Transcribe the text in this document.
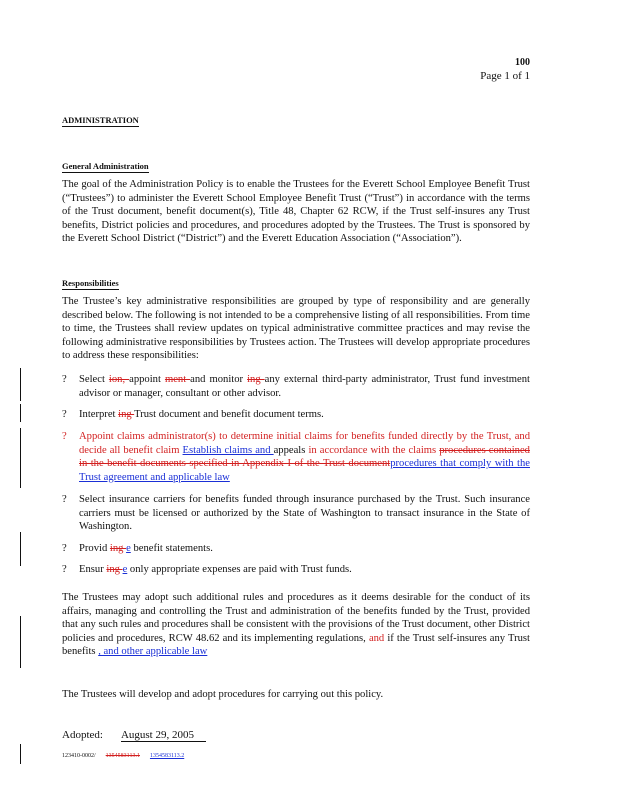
100
Page 1 of 1
ADMINISTRATION
General Administration
The goal of the Administration Policy is to enable the Trustees for the Everett School Employee Benefit Trust (“Trustees”) to administer the Everett School Employee Benefit Trust (“Trust”) in accordance with the terms of the Trust document, benefit document(s), Title 48, Chapter 62 RCW, if the Trust self-insures any Trust benefits, District policies and procedures, and procedures adopted by the Trustees. The Trust is sponsored by the Everett School District (“District”) and the Everett Education Association (“Association”).
Responsibilities
The Trustee’s key administrative responsibilities are grouped by type of responsibility and are generally described below. The following is not intended to be a comprehensive listing of all responsibilities. From time to time, the Trustees shall review updates on typical administrative committee practices and may revise the following administrative responsibilities by Trustees action. The Trustees will develop appropriate procedures to address these responsibilities:
?	Select ion, appoint ment and monitor ing any external third-party administrator, Trust fund investment advisor or manager, consultant or other advisor.
?	Interpret ing Trust document and benefit document terms.
?	Appoint claims administrator(s) to determine initial claims for benefits funded directly by the Trust, and decide all benefit claim Establish claims and appeals in accordance with the claims procedures contained in the benefit documents specified in Appendix I of the Trust documentprocedures that comply with the Trust agreement and applicable law
?	Select insurance carriers for benefits funded through insurance purchased by the Trust. Such insurance carriers must be licensed or authorized by the State of Washington to transact insurance in the State of Washington.
?	Provid ing e benefit statements.
?	Ensur ing e only appropriate expenses are paid with Trust funds.
The Trustees may adopt such additional rules and procedures as it deems desirable for the conduct of its affairs, managing and controlling the Trust and administration of the benefits funded by the Trust, provided that any such rules and procedures shall be consistent with the provisions of the Trust document, other District policies and procedures, RCW 48.62 and its implementing regulations, and if the Trust self-insures any Trust benefits , and other applicable law
The Trustees will develop and adopt procedures for carrying out this policy.
Adopted: August 29, 2005
123410-0002/ 1354583113.1 1354583113.2
